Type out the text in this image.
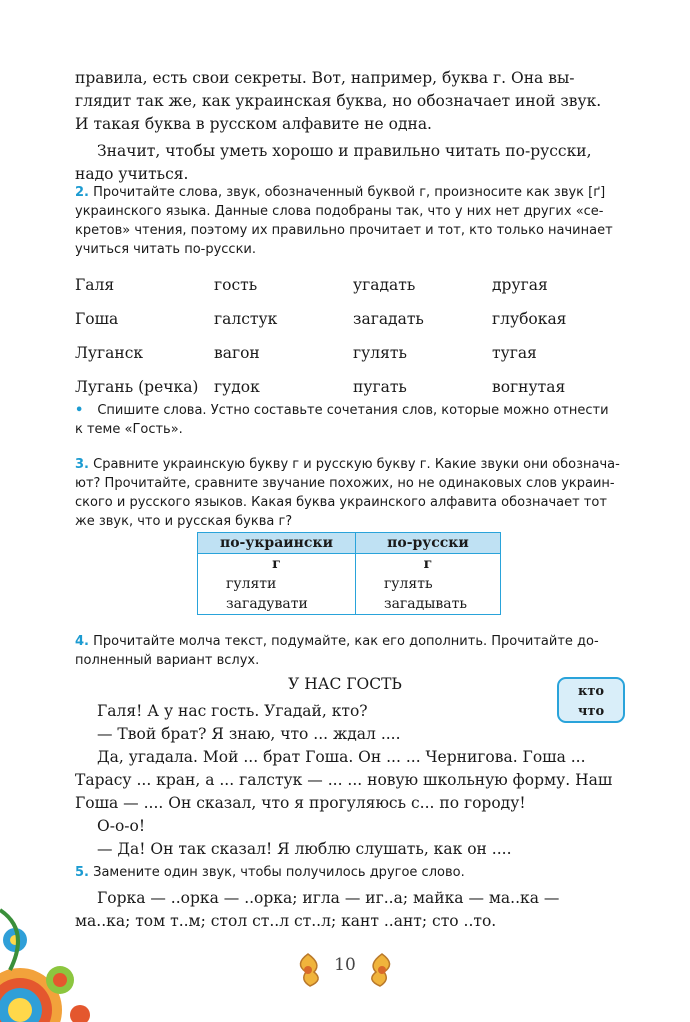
правила, есть свои секреты. Вот, например, буква г. Она вы-

глядит так же, как украинская буква, но обозначает иной звук.

И такая буква в русском алфавите не одна.

Значит, чтобы уметь хорошо и правильно читать по-русски,

надо учиться.

2. Прочитайте слова, звук, обозначенный буквой г, произносите как звук [ґ]

украинского языка. Данные слова подобраны так, что у них нет других «се-

кретов» чтения, поэтому их правильно прочитает и тот, кто только начинает

учиться читать по-русски.

Галя	гость	угадать	другая
Гоша	галстук	загадать	глубокая
Луганск	вагон	гулять	тугая
Лугань (речка)	гудок	пугать	вогнутая

• Спишите слова. Устно составьте сочетания слов, которые можно отнести

к теме «Гость».

3. Сравните украинскую букву г и русскую букву г. Какие звуки они обознача-

ют? Прочитайте, сравните звучание похожих, но не одинаковых слов украин-

ского и русского языков. Какая буква украинского алфавита обозначает тот

же звук, что и русская буква г?

по-украински	по-русски
г	г
гуляти	гулять
загадувати	загадывать

4. Прочитайте молча текст, подумайте, как его дополнить. Прочитайте до-

полненный вариант вслух.

У НАС ГОСТЬ	кто
что

Галя! А у нас гость. Угадай, кто?

— Твой брат? Я знаю, что ... ждал ....

Да, угадала. Мой ... брат Гоша. Он ... ... Чернигова. Гоша ...

Тарасу ... кран, а ... галстук — ... ... новую школьную форму. Наш

Гоша — .... Он сказал, что я прогуляюсь с... по городу!

О-о-о!

— Да! Он так сказал! Я люблю слушать, как он ....

5. Замените один звук, чтобы получилось другое слово.

Горка — ..орка — ..орка; игла — иг..а; майка — ма..ка —

ма..ка; том т..м; стол ст..л ст..л; кант ..ант; сто ..то.

10
